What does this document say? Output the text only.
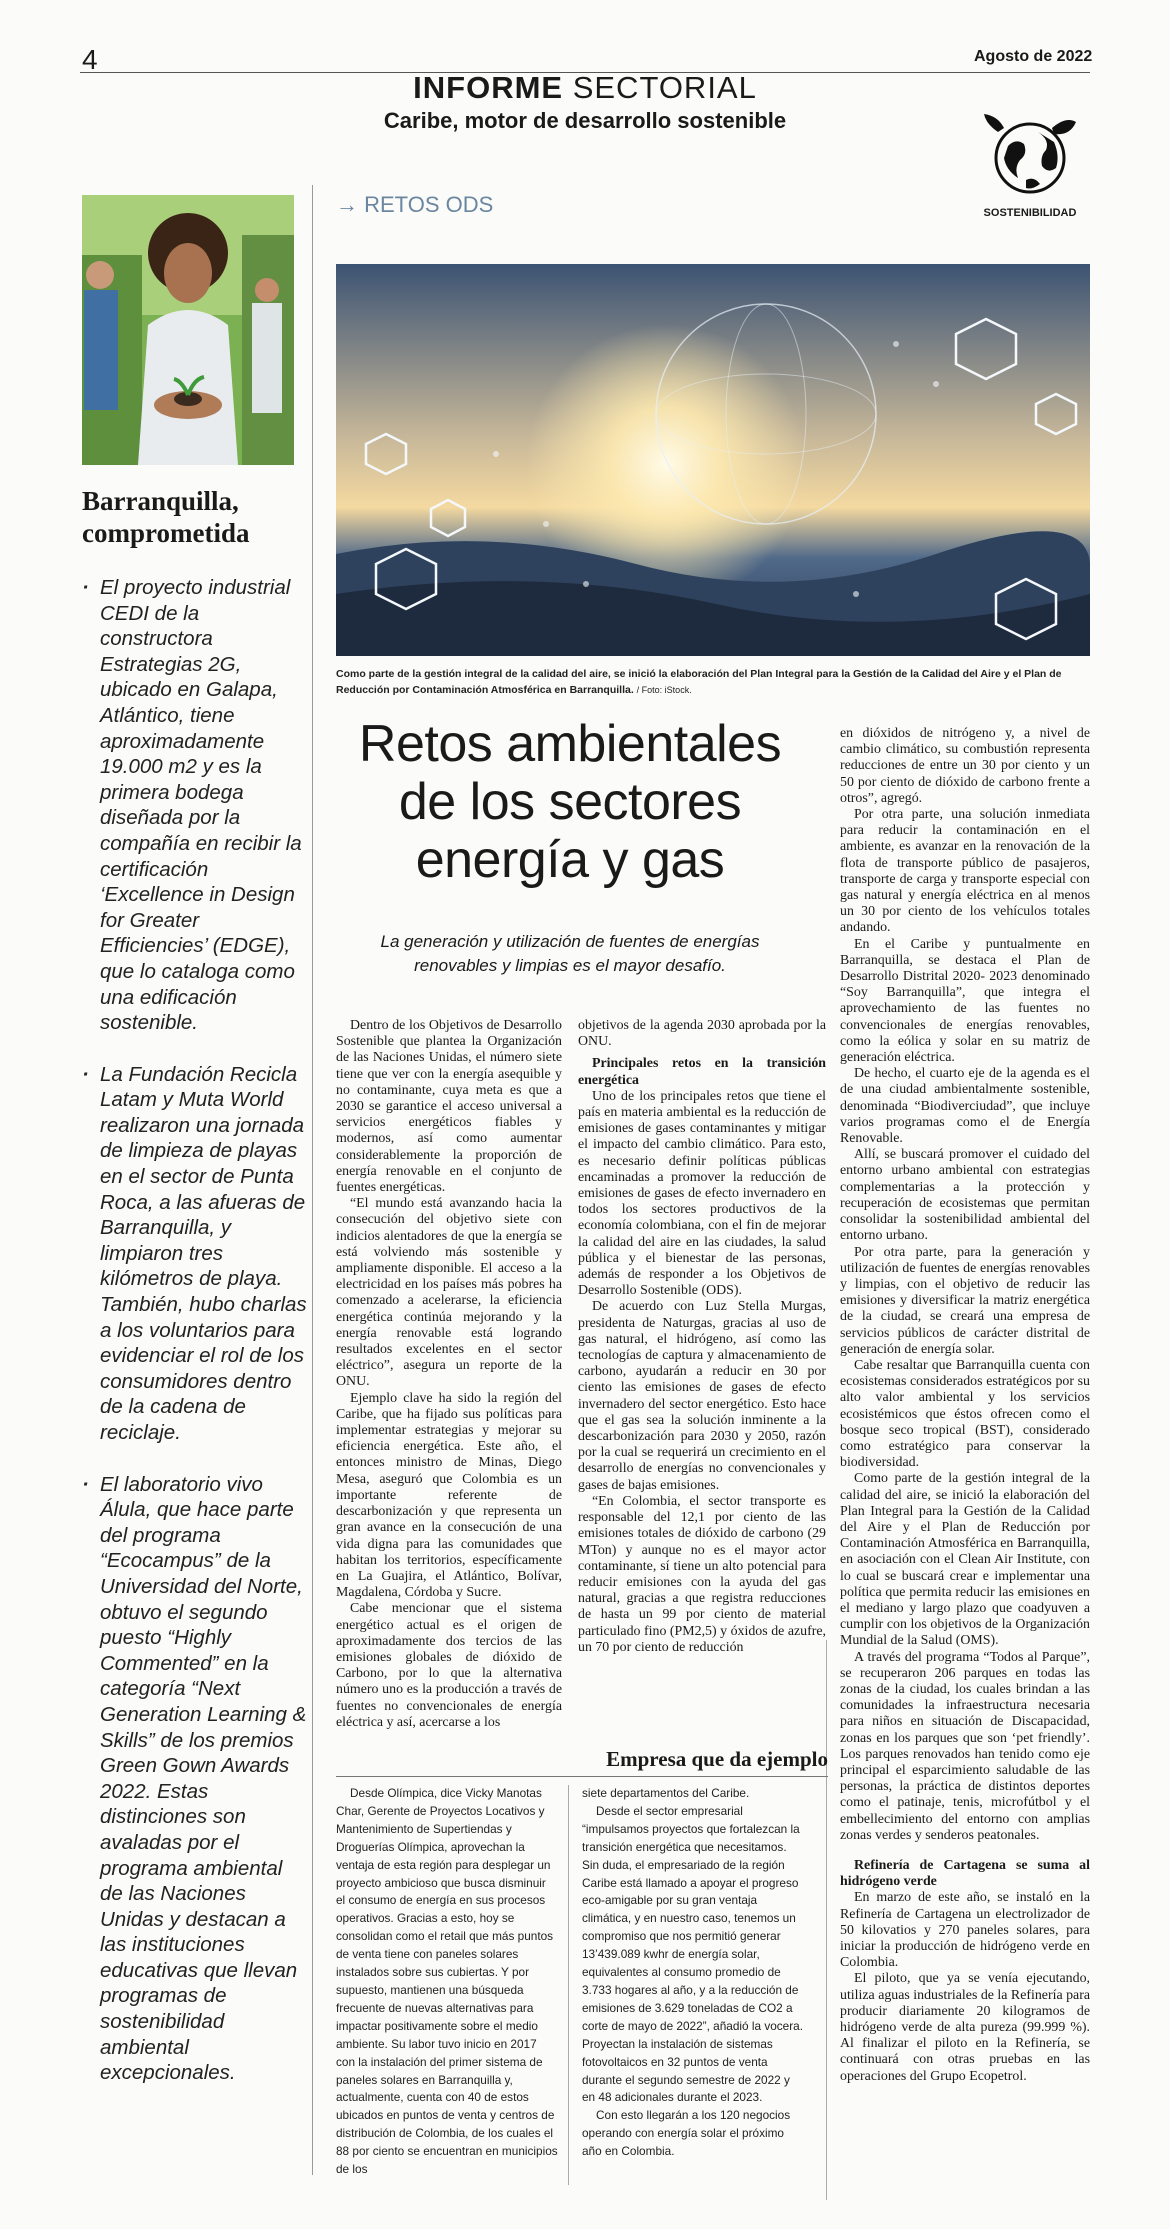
4	Agosto de 2022
INFORME SECTORIAL
Caribe, motor de desarrollo sostenible
SOSTENIBILIDAD
Barranquilla, comprometida
· El proyecto industrial CEDI de la constructora Estrategias 2G, ubicado en Galapa, Atlántico, tiene aproximadamente 19.000 m2 y es la primera bodega diseñada por la compañía en recibir la certificación ‘Excellence in Design for Greater Efficiencies’ (EDGE), que lo cataloga como una edificación sostenible.
· La Fundación Recicla Latam y Muta World realizaron una jornada de limpieza de playas en el sector de Punta Roca, a las afueras de Barranquilla, y limpiaron tres kilómetros de playa. También, hubo charlas a los voluntarios para evidenciar el rol de los consumidores dentro de la cadena de reciclaje.
· El laboratorio vivo Álula, que hace parte del programa “Ecocampus” de la Universidad del Norte, obtuvo el segundo puesto “Highly Commented” en la categoría “Next Generation Learning & Skills” de los premios Green Gown Awards 2022. Estas distinciones son avaladas por el programa ambiental de las Naciones Unidas y destacan a las instituciones educativas que llevan programas de sostenibilidad ambiental excepcionales.
→ RETOS ODS
Como parte de la gestión integral de la calidad del aire, se inició la elaboración del Plan Integral para la Gestión de la Calidad del Aire y el Plan de Reducción por Contaminación Atmosférica en Barranquilla. / Foto: iStock.
Retos ambientales de los sectores energía y gas
La generación y utilización de fuentes de energías renovables y limpias es el mayor desafío.

Dentro de los Objetivos de Desarrollo Sostenible que plantea la Organización de las Naciones Unidas, el número siete tiene que ver con la energía asequible y no contaminante, cuya meta es que a 2030 se garantice el acceso universal a servicios energéticos fiables y modernos, así como aumentar considerablemente la proporción de energía renovable en el conjunto de fuentes energéticas.

“El mundo está avanzando hacia la consecución del objetivo siete con indicios alentadores de que la energía se está volviendo más sostenible y ampliamente disponible. El acceso a la electricidad en los países más pobres ha comenzado a acelerarse, la eficiencia energética continúa mejorando y la energía renovable está logrando resultados excelentes en el sector eléctrico”, asegura un reporte de la ONU.

Ejemplo clave ha sido la región del Caribe, que ha fijado sus políticas para implementar estrategias y mejorar su eficiencia energética. Este año, el entonces ministro de Minas, Diego Mesa, aseguró que Colombia es un importante referente de descarbonización y que representa un gran avance en la consecución de una vida digna para las comunidades que habitan los territorios, específicamente en La Guajira, el Atlántico, Bolívar, Magdalena, Córdoba y Sucre.

Cabe mencionar que el sistema energético actual es el origen de aproximadamente dos tercios de las emisiones globales de dióxido de Carbono, por lo que la alternativa número uno es la producción a través de fuentes no convencionales de energía eléctrica y así, acercarse a los

objetivos de la agenda 2030 aprobada por la ONU.

Principales retos en la transición energética

Uno de los principales retos que tiene el país en materia ambiental es la reducción de emisiones de gases contaminantes y mitigar el impacto del cambio climático. Para esto, es necesario definir políticas públicas encaminadas a promover la reducción de emisiones de gases de efecto invernadero en todos los sectores productivos de la economía colombiana, con el fin de mejorar la calidad del aire en las ciudades, la salud pública y el bienestar de las personas, además de responder a los Objetivos de Desarrollo Sostenible (ODS).

De acuerdo con Luz Stella Murgas, presidenta de Naturgas, gracias al uso de gas natural, el hidrógeno, así como las tecnologías de captura y almacenamiento de carbono, ayudarán a reducir en 30 por ciento las emisiones de gases de efecto invernadero del sector energético. Esto hace que el gas sea la solución inminente a la descarbonización para 2030 y 2050, razón por la cual se requerirá un crecimiento en el desarrollo de energías no convencionales y gases de bajas emisiones.

“En Colombia, el sector transporte es responsable del 12,1 por ciento de las emisiones totales de dióxido de carbono (29 MTon) y aunque no es el mayor actor contaminante, sí tiene un alto potencial para reducir emisiones con la ayuda del gas natural, gracias a que registra reducciones de hasta un 99 por ciento de material particulado fino (PM2,5) y óxidos de azufre, un 70 por ciento de reducción

en dióxidos de nitrógeno y, a nivel de cambio climático, su combustión representa reducciones de entre un 30 por ciento y un 50 por ciento de dióxido de carbono frente a otros”, agregó.

Por otra parte, una solución inmediata para reducir la contaminación en el ambiente, es avanzar en la renovación de la flota de transporte público de pasajeros, transporte de carga y transporte especial con gas natural y energía eléctrica en al menos un 30 por ciento de los vehículos totales andando.

En el Caribe y puntualmente en Barranquilla, se destaca el Plan de Desarrollo Distrital 2020- 2023 denominado “Soy Barranquilla”, que integra el aprovechamiento de las fuentes no convencionales de energías renovables, como la eólica y solar en su matriz de generación eléctrica.

De hecho, el cuarto eje de la agenda es el de una ciudad ambientalmente sostenible, denominada “Biodiverciudad”, que incluye varios programas como el de Energía Renovable.

Allí, se buscará promover el cuidado del entorno urbano ambiental con estrategias complementarias a la protección y recuperación de ecosistemas que permitan consolidar la sostenibilidad ambiental del entorno urbano.

Por otra parte, para la generación y utilización de fuentes de energías renovables y limpias, con el objetivo de reducir las emisiones y diversificar la matriz energética de la ciudad, se creará una empresa de servicios públicos de carácter distrital de generación de energía solar.

Cabe resaltar que Barranquilla cuenta con ecosistemas considerados estratégicos por su alto valor ambiental y los servicios ecosistémicos que éstos ofrecen como el bosque seco tropical (BST), considerado como estratégico para conservar la biodiversidad.

Como parte de la gestión integral de la calidad del aire, se inició la elaboración del Plan Integral para la Gestión de la Calidad del Aire y el Plan de Reducción por Contaminación Atmosférica en Barranquilla, en asociación con el Clean Air Institute, con lo cual se buscará crear e implementar una política que permita reducir las emisiones en el mediano y largo plazo que coadyuven a cumplir con los objetivos de la Organización Mundial de la Salud (OMS).

A través del programa “Todos al Parque”, se recuperaron 206 parques en todas las zonas de la ciudad, los cuales brindan a las comunidades la infraestructura necesaria para niños en situación de Discapacidad, zonas en los parques que son ‘pet friendly’. Los parques renovados han tenido como eje principal el esparcimiento saludable de las personas, la práctica de distintos deportes como el patinaje, tenis, microfútbol y el embellecimiento del entorno con amplias zonas verdes y senderos peatonales.

Refinería de Cartagena se suma al hidrógeno verde

En marzo de este año, se instaló en la Refinería de Cartagena un electrolizador de 50 kilovatios y 270 paneles solares, para iniciar la producción de hidrógeno verde en Colombia.

El piloto, que ya se venía ejecutando, utiliza aguas industriales de la Refinería para producir diariamente 20 kilogramos de hidrógeno verde de alta pureza (99.999 %). Al finalizar el piloto en la Refinería, se continuará con otras pruebas en las operaciones del Grupo Ecopetrol.

Empresa que da ejemplo

Desde Olímpica, dice Vicky Manotas Char, Gerente de Proyectos Locativos y Mantenimiento de Supertiendas y Droguerías Olímpica, aprovechan la ventaja de esta región para desplegar un proyecto ambicioso que busca disminuir el consumo de energía en sus procesos operativos. Gracias a esto, hoy se consolidan como el retail que más puntos de venta tiene con paneles solares instalados sobre sus cubiertas. Y por supuesto, mantienen una búsqueda frecuente de nuevas alternativas para impactar positivamente sobre el medio ambiente. Su labor tuvo inicio en 2017 con la instalación del primer sistema de paneles solares en Barranquilla y, actualmente, cuenta con 40 de estos ubicados en puntos de venta y centros de distribución de Colombia, de los cuales el 88 por ciento se encuentran en municipios de los

siete departamentos del Caribe.

Desde el sector empresarial “impulsamos proyectos que fortalezcan la transición energética que necesitamos. Sin duda, el empresariado de la región Caribe está llamado a apoyar el progreso eco-amigable por su gran ventaja climática, y en nuestro caso, tenemos un compromiso que nos permitió generar 13’439.089 kwhr de energía solar, equivalentes al consumo promedio de 3.733 hogares al año, y a la reducción de emisiones de 3.629 toneladas de CO2 a corte de mayo de 2022”, añadió la vocera. Proyectan la instalación de sistemas fotovoltaicos en 32 puntos de venta durante el segundo semestre de 2022 y en 48 adicionales durante el 2023.

Con esto llegarán a los 120 negocios operando con energía solar el próximo año en Colombia.
